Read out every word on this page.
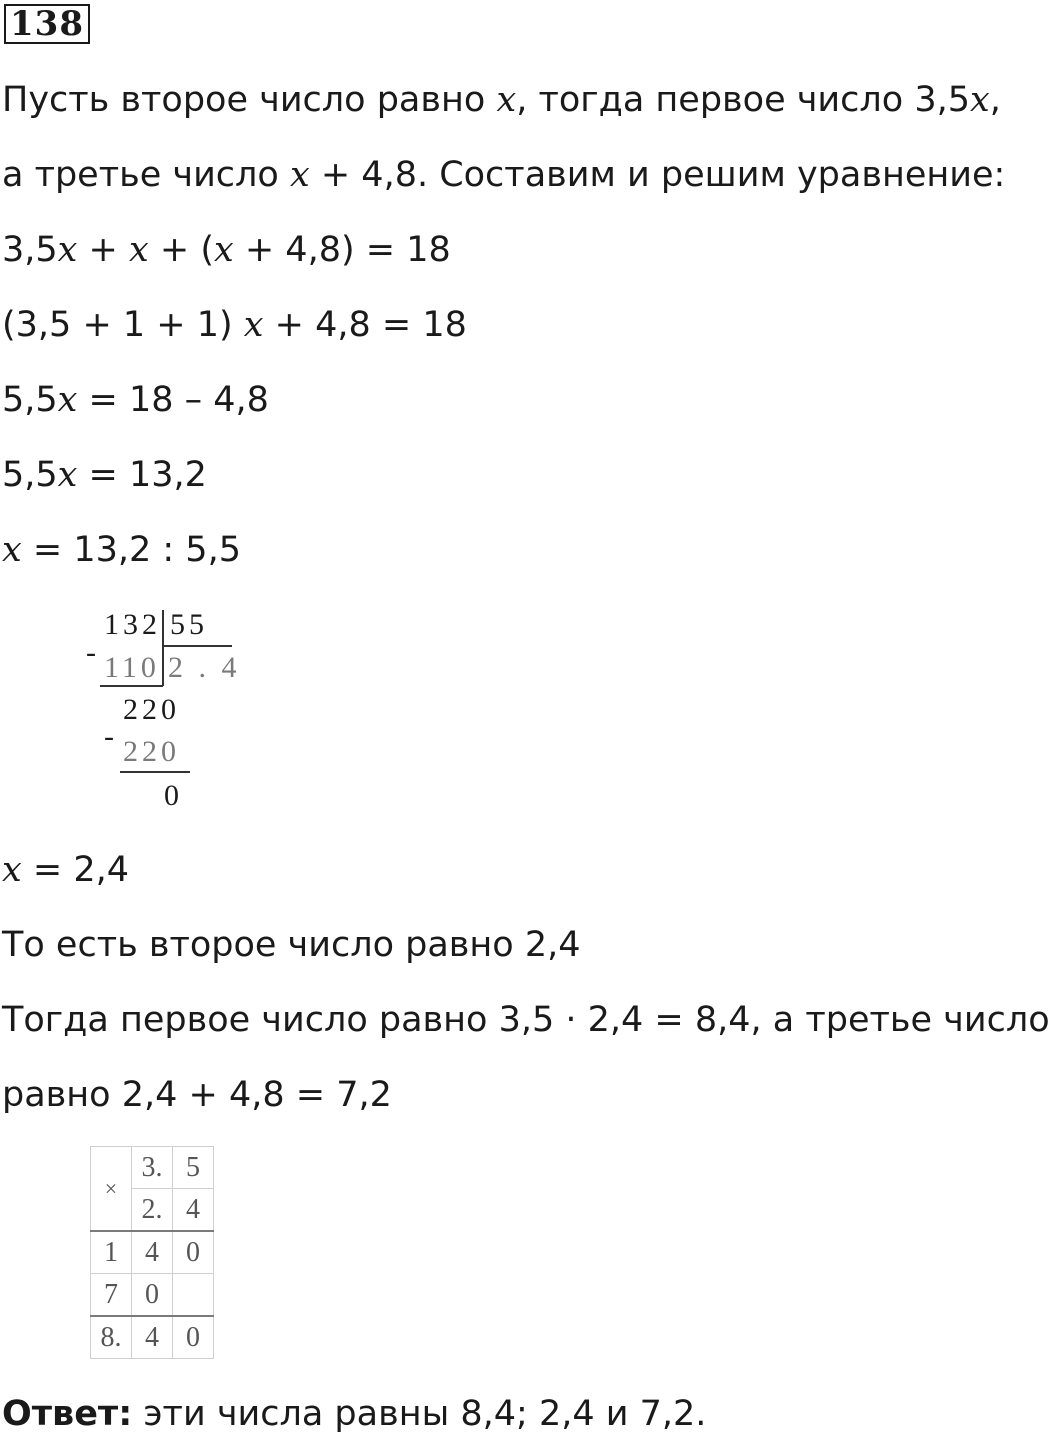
138
Пусть второе число равно x, тогда первое число 3,5x,
а третье число x + 4,8. Составим и решим уравнение:
3,5x + x + (x + 4,8) = 18
(3,5 + 1 + 1) x + 4,8 = 18
5,5x = 18 – 4,8
5,5x = 13,2
x = 13,2 : 5,5
132 55
- 110 2 . 4
220
- 220
0
x = 2,4
То есть второе число равно 2,4
Тогда первое число равно 3,5 · 2,4 = 8,4, а третье число
равно 2,4 + 4,8 = 7,2
×	3.	5
	2.	4
1	4	0
7	0	
8.	4	0
Ответ: эти числа равны 8,4; 2,4 и 7,2.
